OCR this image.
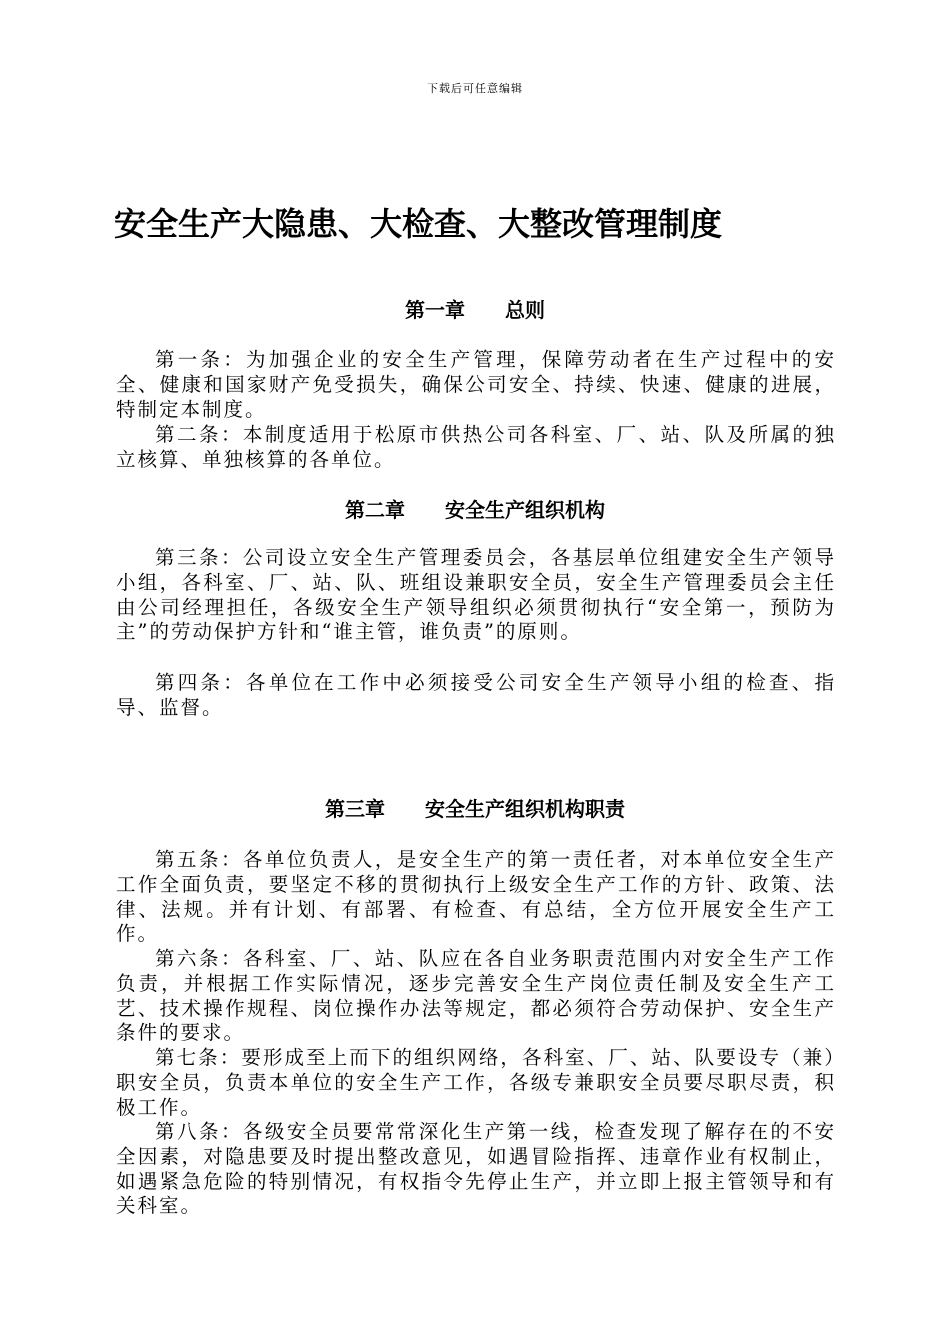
下载后可任意编辑
安全生产大隐患、大检查、大整改管理制度
第一章　　总则

第一条：为加强企业的安全生产管理，保障劳动者在生产过程中的安全、健康和国家财产免受损失，确保公司安全、持续、快速、健康的进展，特制定本制度。

第二条：本制度适用于松原市供热公司各科室、厂、站、队及所属的独立核算、单独核算的各单位。

第二章　　安全生产组织机构

第三条：公司设立安全生产管理委员会，各基层单位组建安全生产领导小组，各科室、厂、站、队、班组设兼职安全员，安全生产管理委员会主任由公司经理担任，各级安全生产领导组织必须贯彻执行“安全第一，预防为主”的劳动保护方针和“谁主管，谁负责”的原则。

第四条：各单位在工作中必须接受公司安全生产领导小组的检查、指导、监督。

第三章　　安全生产组织机构职责

第五条：各单位负责人，是安全生产的第一责任者，对本单位安全生产工作全面负责，要坚定不移的贯彻执行上级安全生产工作的方针、政策、法律、法规。并有计划、有部署、有检查、有总结，全方位开展安全生产工作。

第六条：各科室、厂、站、队应在各自业务职责范围内对安全生产工作负责，并根据工作实际情况，逐步完善安全生产岗位责任制及安全生产工艺、技术操作规程、岗位操作办法等规定，都必须符合劳动保护、安全生产条件的要求。

第七条：要形成至上而下的组织网络，各科室、厂、站、队要设专（兼）职安全员，负责本单位的安全生产工作，各级专兼职安全员要尽职尽责，积极工作。

第八条：各级安全员要常常深化生产第一线，检查发现了解存在的不安全因素，对隐患要及时提出整改意见，如遇冒险指挥、违章作业有权制止，如遇紧急危险的特别情况，有权指令先停止生产，并立即上报主管领导和有关科室。
